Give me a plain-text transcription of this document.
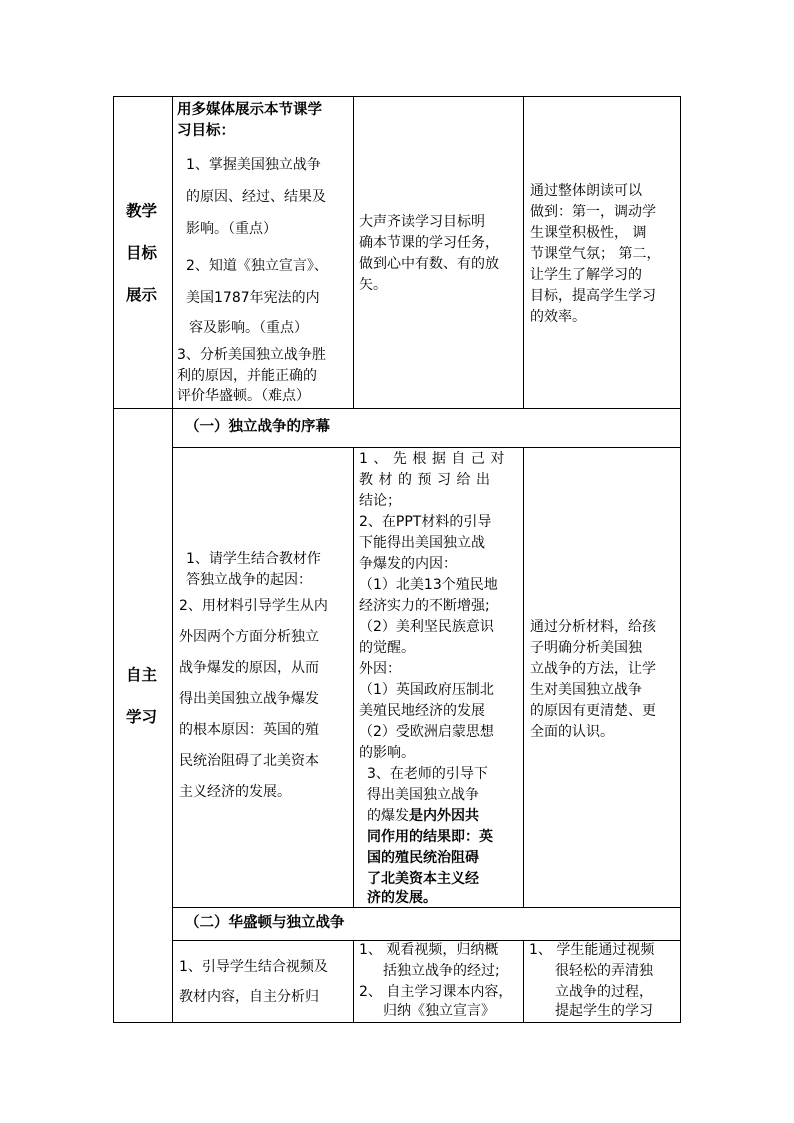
教学
目标
展示
用多媒体展示本节课学
习目标：
1、掌握美国独立战争
的原因、经过、结果及
影响。（重点）
2、知道《独立宣言》、
美国1787年宪法的内
容及影响。（重点）
3、分析美国独立战争胜
利的原因，并能正确的
评价华盛顿。（难点）
大声齐读学习目标明
确本节课的学习任务，
做到心中有数、有的放
矢。
通过整体朗读可以
做到：第一，调动学
生课堂积极性， 调
节课堂气氛； 第二，
让学生了解学习的
目标，提高学生学习
的效率。
自主
学习
（一）独立战争的序幕
1、请学生结合教材作
答独立战争的起因：
2、用材料引导学生从内
外因两个方面分析独立
战争爆发的原因，从而
得出美国独立战争爆发
的根本原因：英国的殖
民统治阻碍了北美资本
主义经济的发展。
1、先根据自己对
教材的预习给出
结论；
2、在PPT材料的引导
下能得出美国独立战
争爆发的内因：
（1）北美13个殖民地
经济实力的不断增强;
（2）美利坚民族意识
的觉醒。
外因：
（1）英国政府压制北
美殖民地经济的发展
（2）受欧洲启蒙思想
的影响。
3、在老师的引导下
得出美国独立战争
的爆发 是内外因共
同作用的结果即：英
国的殖民统治阻碍
了北美资本主义经
济的发展。
通过分析材料，给孩
子明确分析美国独
立战争的方法，让学
生对美国独立战争
的原因有更清楚、更
全面的认识。
（二）华盛顿与独立战争
1、引导学生结合视频及
教材内容，自主分析归
1、 观看视频，归纳概
括独立战争的经过;
2、 自主学习课本内容，
归纳《独立宣言》
1、 学生能通过视频
很轻松的弄清独
立战争的过程，
提起学生的学习
